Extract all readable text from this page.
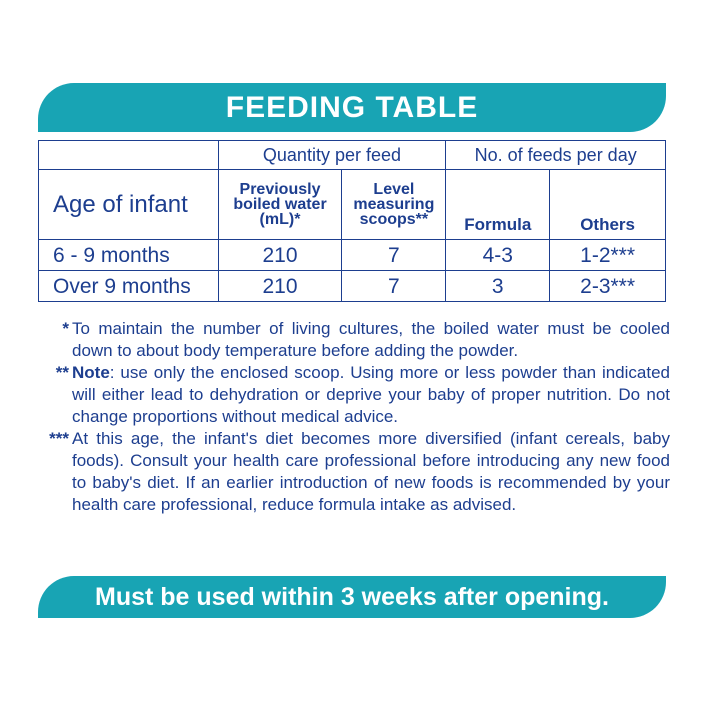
FEEDING TABLE
	Quantity per feed		No. of feeds per day	
Age of infant	Previously boiled water (mL)*	Level measuring scoops**	Formula	Others
6 - 9 months	210	7	4-3	1-2***
Over 9 months	210	7	3	2-3***
* To maintain the number of living cultures, the boiled water must be cooled down to about body temperature before adding the powder.
** Note: use only the enclosed scoop. Using more or less powder than indicated will either lead to dehydration or deprive your baby of proper nutrition. Do not change proportions without medical advice.
*** At this age, the infant's diet becomes more diversified (infant cereals, baby foods). Consult your health care professional before introducing any new food to baby's diet. If an earlier introduction of new foods is recommended by your health care professional, reduce formula intake as advised.
Must be used within 3 weeks after opening.
